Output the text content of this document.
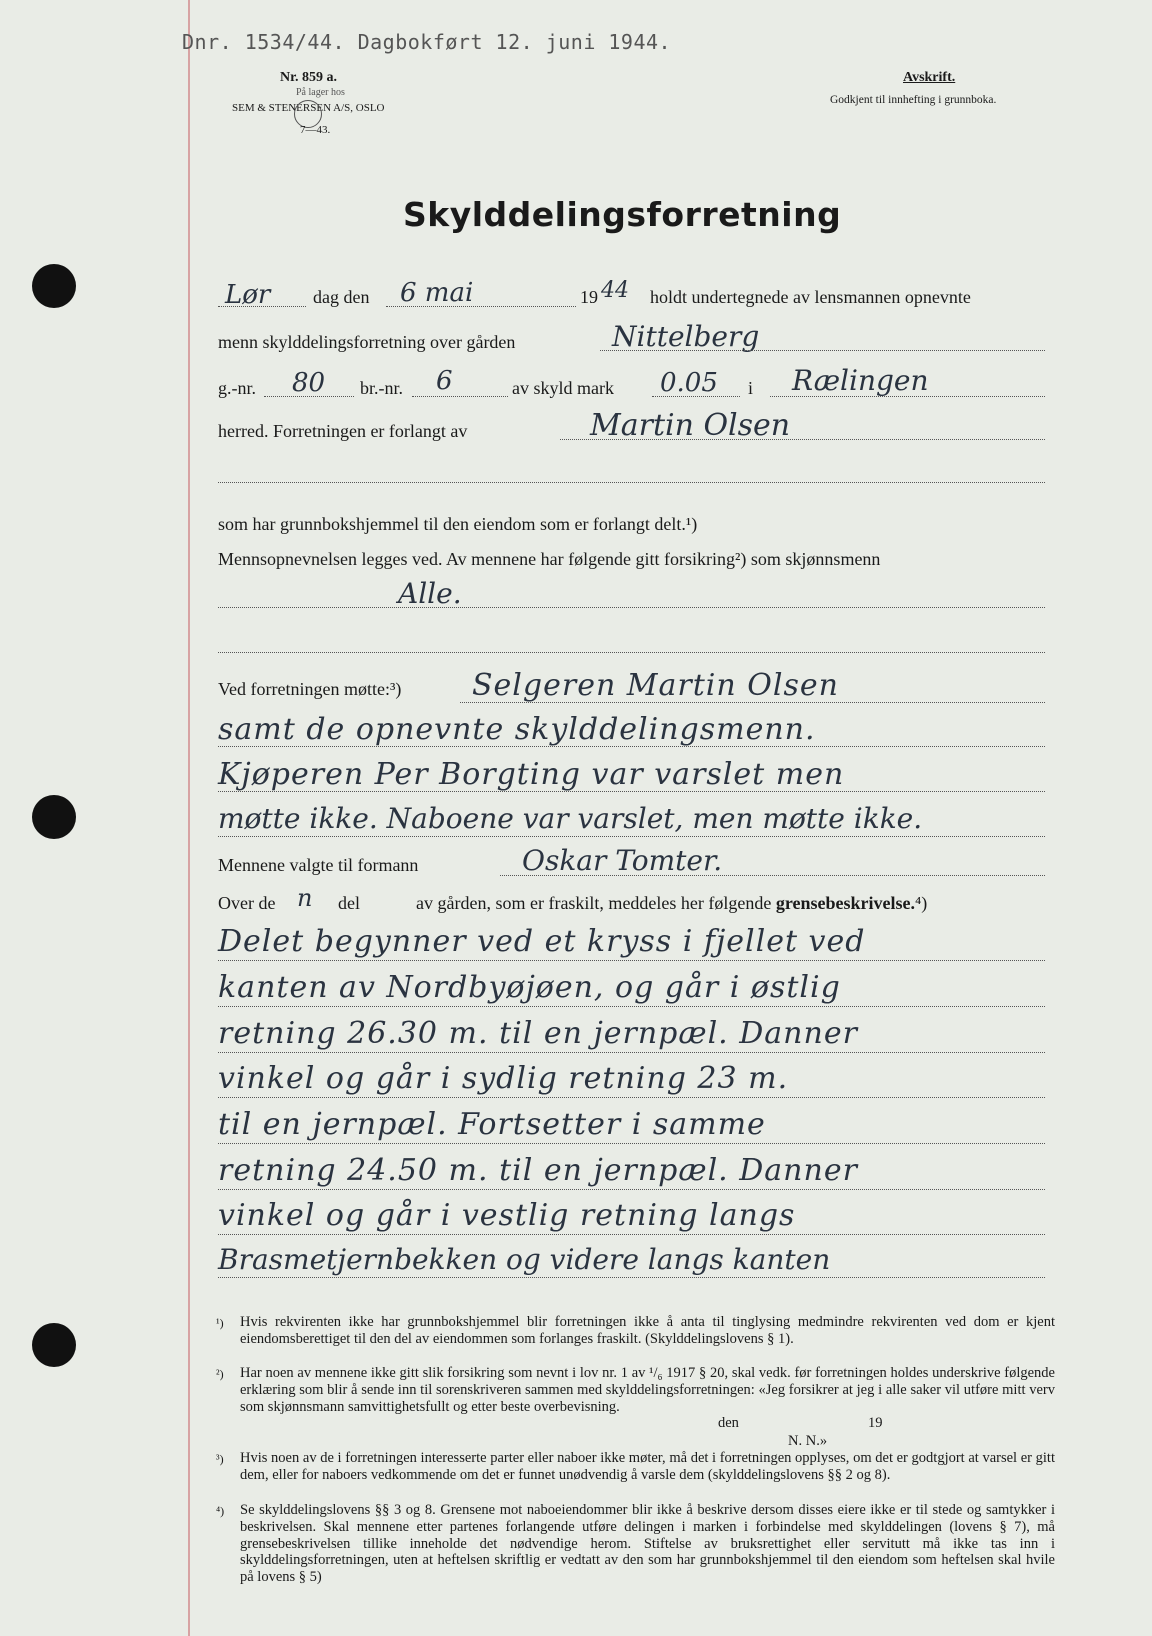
Dnr. 1534/44. Dagbokført 12. juni 1944.
Nr. 859 a.
På lager hos
SEM & STENERSEN A/S, OSLO
7—43.
Avskrift.
Godkjent til innhefting i grunnboka.
Skylddelingsforretning
Lør dag den 6 mai	19 44 holdt undertegnede av lensmannen opnevnte
menn skylddelingsforretning over gården	Nittelberg
g.-nr. 80 br.-nr. 6	av skyld mark 0.05 i Rælingen
herred. Forretningen er forlangt av	Martin Olsen
som har grunnbokshjemmel til den eiendom som er forlangt delt.¹)
Mennsopnevnelsen legges ved. Av mennene har følgende gitt forsikring²) som skjønnsmenn
Alle.
Ved forretningen møtte:³) Selgeren Martin Olsen
samt de opnevnte skylddelingsmenn.
Kjøperen Per Borgting var varslet men
møtte ikke. Naboene var varslet, men møtte ikke.
Mennene valgte til formann	Oskar Tomter.
Over de n del	av gården, som er fraskilt, meddeles her følgende grensebeskrivelse.⁴)
Delet begynner ved et kryss i fjellet ved
kanten av Nordbyøjøen, og går i østlig
retning 26.30 m. til en jernpæl. Danner
vinkel og går i sydlig retning 23 m.
til en jernpæl. Fortsetter i samme
retning 24.50 m. til en jernpæl. Danner
vinkel og går i vestlig retning langs
Brasmetjernbekken og videre langs kanten
¹) Hvis rekvirenten ikke har grunnbokshjemmel blir forretningen ikke å anta til tinglysing medmindre rekvirenten ved dom er kjent eiendomsberettiget til den del av eiendommen som forlanges fraskilt. (Skylddelingslovens § 1).
²) Har noen av mennene ikke gitt slik forsikring som nevnt i lov nr. 1 av ¹/₆ 1917 § 20, skal vedk. før forretningen holdes underskrive følgende erklæring som blir å sende inn til sorenskriveren sammen med skylddelingsforretningen: «Jeg forsikrer at jeg i alle saker vil utføre mitt verv som skjønnsmann samvittighetsfullt og etter beste overbevisning.
den	19
N. N.»
³) Hvis noen av de i forretningen interesserte parter eller naboer ikke møter, må det i forretningen opplyses, om det er godtgjort at varsel er gitt dem, eller for naboers vedkommende om det er funnet unødvendig å varsle dem (skylddelingslovens §§ 2 og 8).
⁴) Se skylddelingslovens §§ 3 og 8. Grensene mot naboeiendommer blir ikke å beskrive dersom disses eiere ikke er til stede og samtykker i beskrivelsen. Skal mennene etter partenes forlangende utføre delingen i marken i forbindelse med skylddelingen (lovens § 7), må grensebeskrivelsen tillike inneholde det nødvendige herom. Stiftelse av bruksrettighet eller servitutt må ikke tas inn i skylddelingsforretningen, uten at heftelsen skriftlig er vedtatt av den som har grunnbokshjemmel til den eiendom som heftelsen skal hvile på lovens § 5)
